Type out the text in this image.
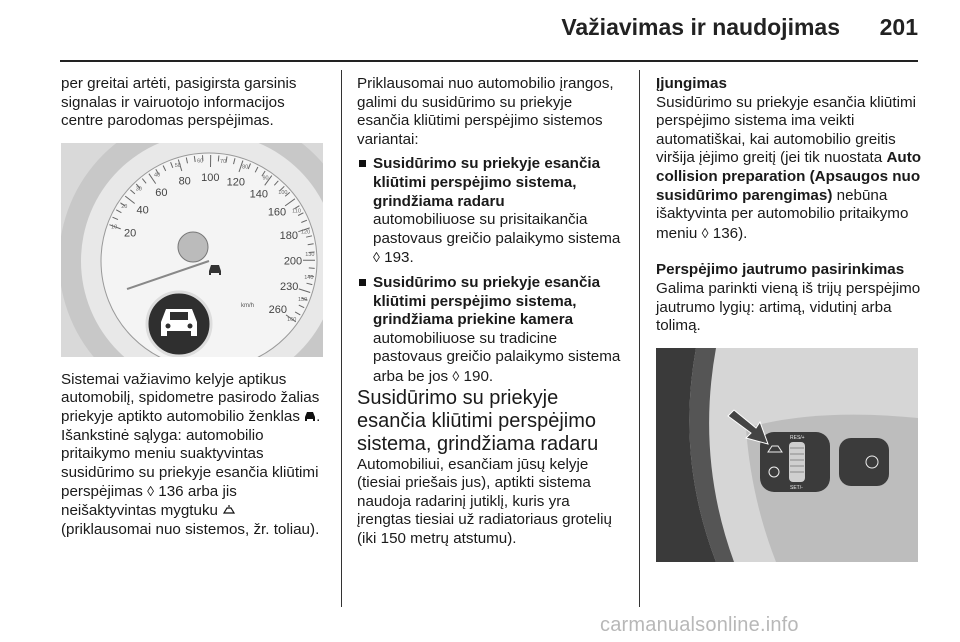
Važiavimas ir naudojimas 201

per greitai artėti, pasigirsta garsinis signalas ir vairuotojo informacijos centre parodomas perspėjimas.

20
40
60
80 100 120
140
160
180
200
230
260
10
20
30
40
50
60	70
80
90
100
110
120
130
140
150
160
km/h

Sistemai važiavimo kelyje aptikus automobilį, spidometre pasirodo žalias priekyje aptikto automobilio ženklas . Išankstinė sąlyga: automobilio pritaikymo meniu suaktyvintas susidūrimo su priekyje esančia kliūtimi perspėjimas ◊ 136 arba jis neišaktyvintas mygtuku  (priklausomai nuo sistemos, žr. toliau).

Priklausomai nuo automobilio įrangos, galimi du susidūrimo su priekyje esančia kliūtimi perspėjimo sistemos variantai:

Susidūrimo su priekyje esančia kliūtimi perspėjimo sistema, grindžiama radaru

automobiliuose su prisitaikančia pastovaus greičio palaikymo sistema ◊ 193.

Susidūrimo su priekyje esančia kliūtimi perspėjimo sistema, grindžiama priekine kamera

automobiliuose su tradicine pastovaus greičio palaikymo sistema arba be jos ◊ 190.

Susidūrimo su priekyje esančia kliūtimi perspėjimo sistema, grindžiama radaru

Automobiliui, esančiam jūsų kelyje (tiesiai priešais jus), aptikti sistema naudoja radarinį jutiklį, kuris yra įrengtas tiesiai už radiatoriaus grotelių (iki 150 metrų atstumu).

Įjungimas

Susidūrimo su priekyje esančia kliūtimi perspėjimo sistema ima veikti automatiškai, kai automobilio greitis viršija įėjimo greitį (jei tik nuostata Auto collision preparation (Apsaugos nuo susidūrimo parengimas) nebūna išaktyvinta per automobilio pritaikymo meniu ◊ 136).

Perspėjimo jautrumo pasirinkimas

Galima parinkti vieną iš trijų perspėjimo jautrumo lygių: artimą, vidutinį arba tolimą.

RES/+
SET/-
carmanualsonline.info
